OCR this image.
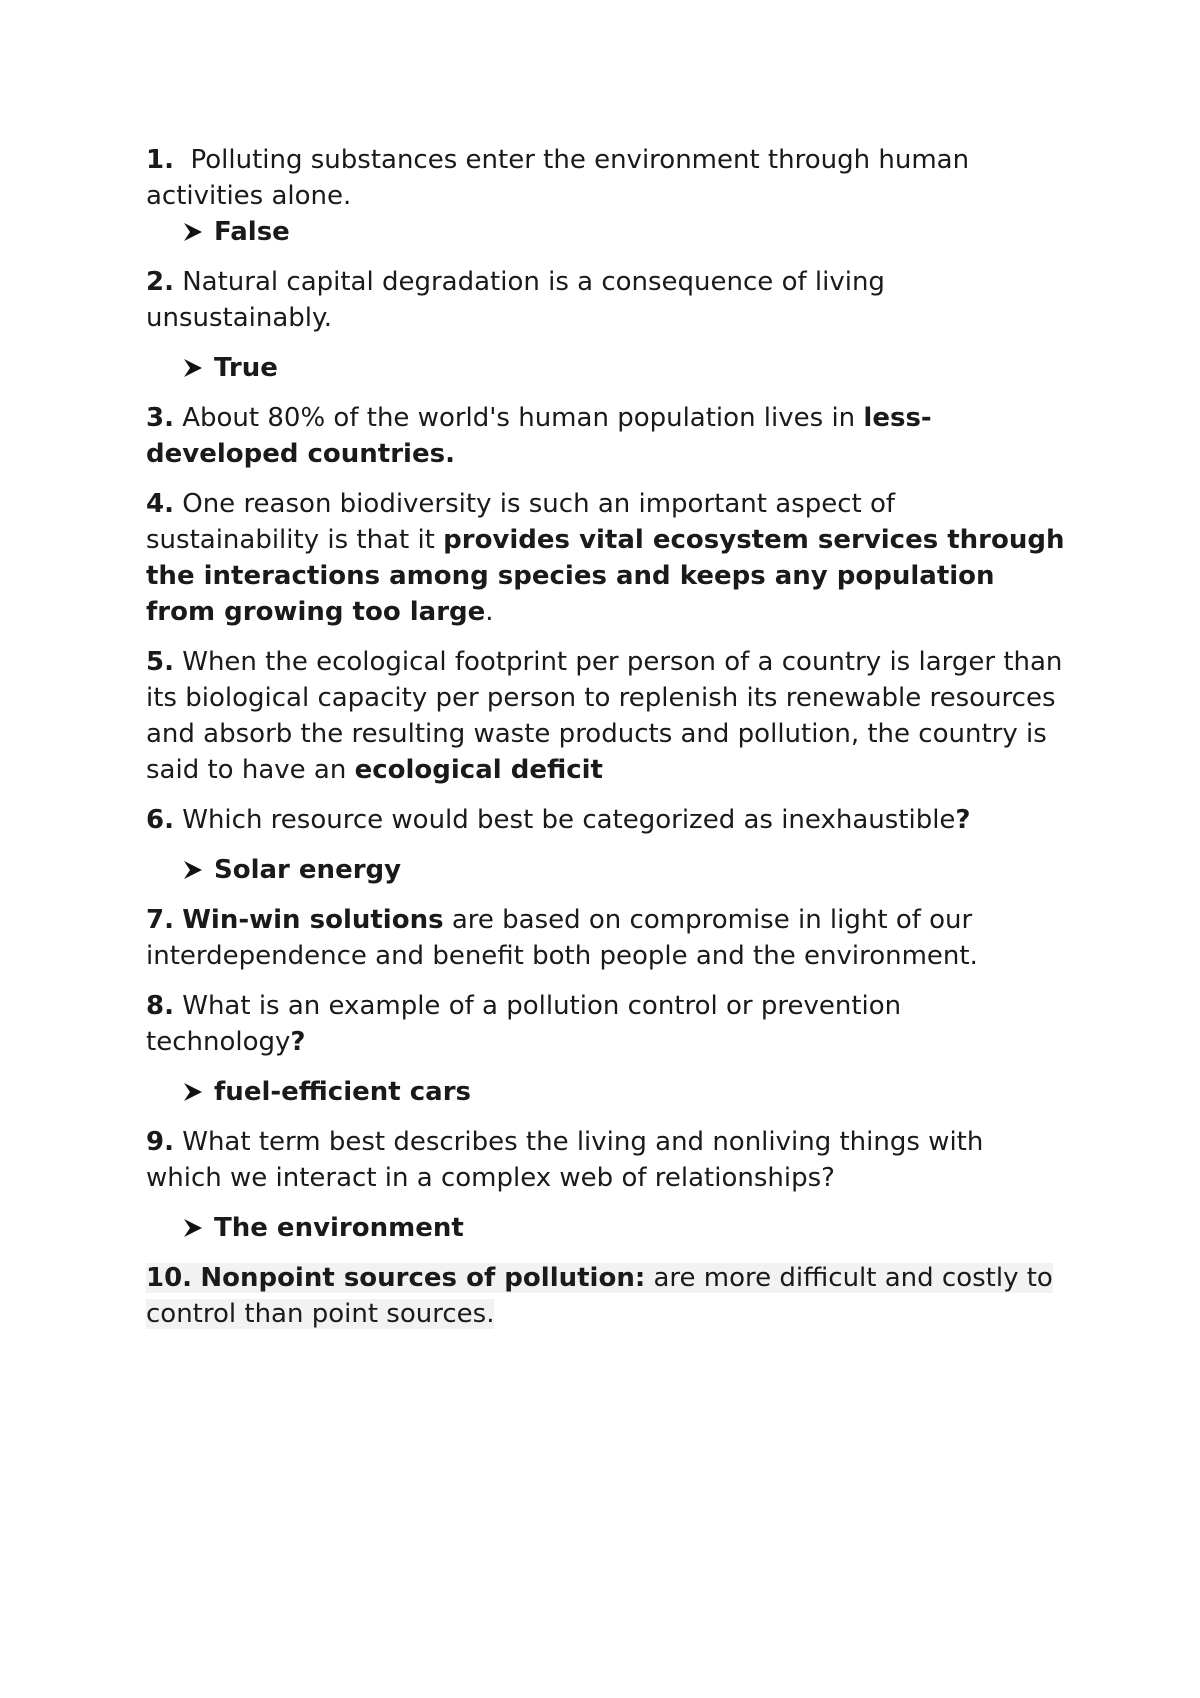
1. Polluting substances enter the environment through human activities alone.

False

2. Natural capital degradation is a consequence of living unsustainably.

True

3. About 80% of the world's human population lives in less-developed countries.

4. One reason biodiversity is such an important aspect of sustainability is that it provides vital ecosystem services through the interactions among species and keeps any population from growing too large.

5. When the ecological footprint per person of a country is larger than its biological capacity per person to replenish its renewable resources and absorb the resulting waste products and pollution, the country is said to have an ecological deficit

6. Which resource would best be categorized as inexhaustible?

Solar energy

7. Win-win solutions are based on compromise in light of our interdependence and benefit both people and the environment.

8. What is an example of a pollution control or prevention technology?

fuel-efficient cars

9. What term best describes the living and nonliving things with which we interact in a complex web of relationships?

The environment

10. Nonpoint sources of pollution: are more difficult and costly to control than point sources.
